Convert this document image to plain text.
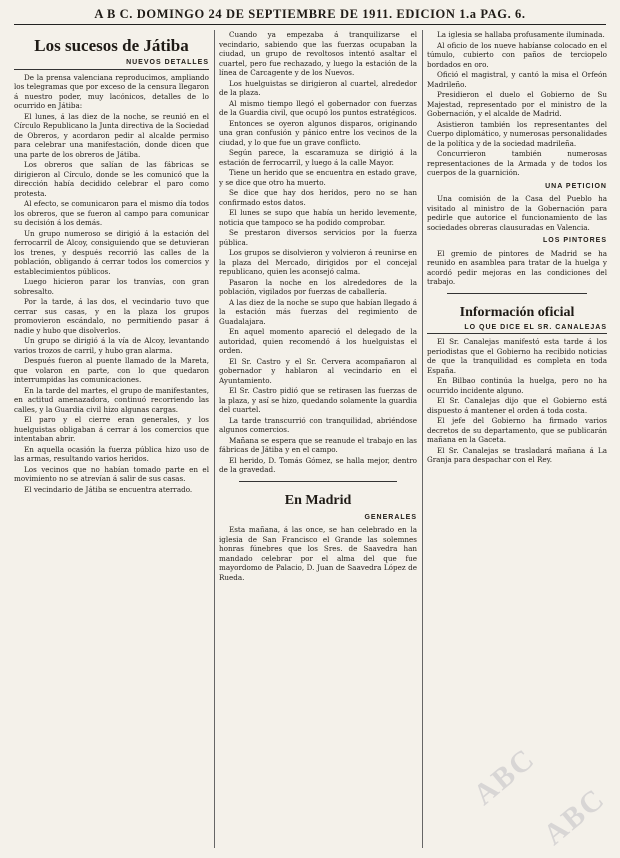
A B C. DOMINGO 24 DE SEPTIEMBRE DE 1911. EDICION 1.a PAG. 6.
Los sucesos de Játiba
NUEVOS DETALLES

De la prensa valenciana reproducimos, ampliando los telegramas que por exceso de la censura llegaron á nuestro poder, muy lacónicos, detalles de lo ocurrido en Játiba:

El lunes, á las diez de la noche, se reunió en el Círculo Republicano la Junta directiva de la Sociedad de Obreros, y acordaron pedir al alcalde permiso para celebrar una manifestación, donde dicen que una parte de los obreros de Játiba.

Los obreros que salían de las fábricas se dirigieron al Círculo, donde se les comunicó que la dirección había decidido celebrar el paro como protesta.

Al efecto, se comunicaron para el mismo día todos los obreros, que se fueron al campo para comunicar su decisión á los demás.

Un grupo numeroso se dirigió á la estación del ferrocarril de Alcoy, consiguiendo que se detuvieran los trenes, y después recorrió las calles de la población, obligando á cerrar todos los comercios y establecimientos públicos.

Luego hicieron parar los tranvías, con gran sobresalto.

Por la tarde, á las dos, el vecindario tuvo que cerrar sus casas, y en la plaza los grupos promovieron escándalo, no permitiendo pasar á nadie y hubo que disolverlos.

Un grupo se dirigió á la vía de Alcoy, levantando varios trozos de carril, y hubo gran alarma.

Después fueron al puente llamado de la Mareta, que volaron en parte, con lo que quedaron interrumpidas las comunicaciones.

En la tarde del martes, el grupo de manifestantes, en actitud amenazadora, continuó recorriendo las calles, y la Guardia civil hizo algunas cargas.

El paro y el cierre eran generales, y los huelguistas obligaban á cerrar á los comercios que intentaban abrir.

En aquella ocasión la fuerza pública hizo uso de las armas, resultando varios heridos.

Los vecinos que no habían tomado parte en el movimiento no se atrevían á salir de sus casas.

El vecindario de Játiba se encuentra aterrado.

Cuando ya empezaba á tranquilizarse el vecindario, sabiendo que las fuerzas ocupaban la ciudad, un grupo de revoltosos intentó asaltar el cuartel, pero fue rechazado, y luego la estación de la línea de Carcagente y de los Nuevos.

Los huelguistas se dirigieron al cuartel, alrededor de la plaza.

Al mismo tiempo llegó el gobernador con fuerzas de la Guardia civil, que ocupó los puntos estratégicos.

Entonces se oyeron algunos disparos, originando una gran confusión y pánico entre los vecinos de la ciudad, y lo que fue un grave conflicto.

Según parece, la escaramuza se dirigió á la estación de ferrocarril, y luego á la calle Mayor.

Tiene un herido que se encuentra en estado grave, y se dice que otro ha muerto.

Se dice que hay dos heridos, pero no se han confirmado estos datos.

El lunes se supo que había un herido levemente, noticia que tampoco se ha podido comprobar.

Se prestaron diversos servicios por la fuerza pública.

Los grupos se disolvieron y volvieron á reunirse en la plaza del Mercado, dirigidos por el concejal republicano, quien les aconsejó calma.

Pasaron la noche en los alrededores de la población, vigilados por fuerzas de caballería.

A las diez de la noche se supo que habían llegado á la estación más fuerzas del regimiento de Guadalajara.

En aquel momento apareció el delegado de la autoridad, quien recomendó á los huelguistas el orden.

El Sr. Castro y el Sr. Cervera acompañaron al gobernador y hablaron al vecindario en el Ayuntamiento.

El Sr. Castro pidió que se retirasen las fuerzas de la plaza, y así se hizo, quedando solamente la guardia del cuartel.

La tarde transcurrió con tranquilidad, abriéndose algunos comercios.

Mañana se espera que se reanude el trabajo en las fábricas de Játiba y en el campo.

El herido, D. Tomás Gómez, se halla mejor, dentro de la gravedad.

En Madrid
GENERALES

Esta mañana, á las once, se han celebrado en la iglesia de San Francisco el Grande las solemnes honras fúnebres que los Sres. de Saavedra han mandado celebrar por el alma del que fue mayordomo de Palacio, D. Juan de Saavedra López de Rueda.

La iglesia se hallaba profusamente iluminada.

Al oficio de los nueve habíanse colocado en el túmulo, cubierto con paños de terciopelo bordados en oro.

Ofició el magistral, y cantó la misa el Orfeón Madrileño.

Presidieron el duelo el Gobierno de Su Majestad, representado por el ministro de la Gobernación, y el alcalde de Madrid.

Asistieron también los representantes del Cuerpo diplomático, y numerosas personalidades de la política y de la sociedad madrileña.

Concurrieron también numerosas representaciones de la Armada y de todos los cuerpos de la guarnición.

UNA PETICION

Una comisión de la Casa del Pueblo ha visitado al ministro de la Gobernación para pedirle que autorice el funcionamiento de las sociedades obreras clausuradas en Valencia.

LOS PINTORES

El gremio de pintores de Madrid se ha reunido en asamblea para tratar de la huelga y acordó pedir mejoras en las condiciones del trabajo.

Información oficial
LO QUE DICE EL SR. CANALEJAS

El Sr. Canalejas manifestó esta tarde á los periodistas que el Gobierno ha recibido noticias de que la tranquilidad es completa en toda España.

En Bilbao continúa la huelga, pero no ha ocurrido incidente alguno.

El Sr. Canalejas dijo que el Gobierno está dispuesto á mantener el orden á toda costa.

El jefe del Gobierno ha firmado varios decretos de su departamento, que se publicarán mañana en la Gaceta.

El Sr. Canalejas se trasladará mañana á La Granja para despachar con el Rey.

ABC
ABC
